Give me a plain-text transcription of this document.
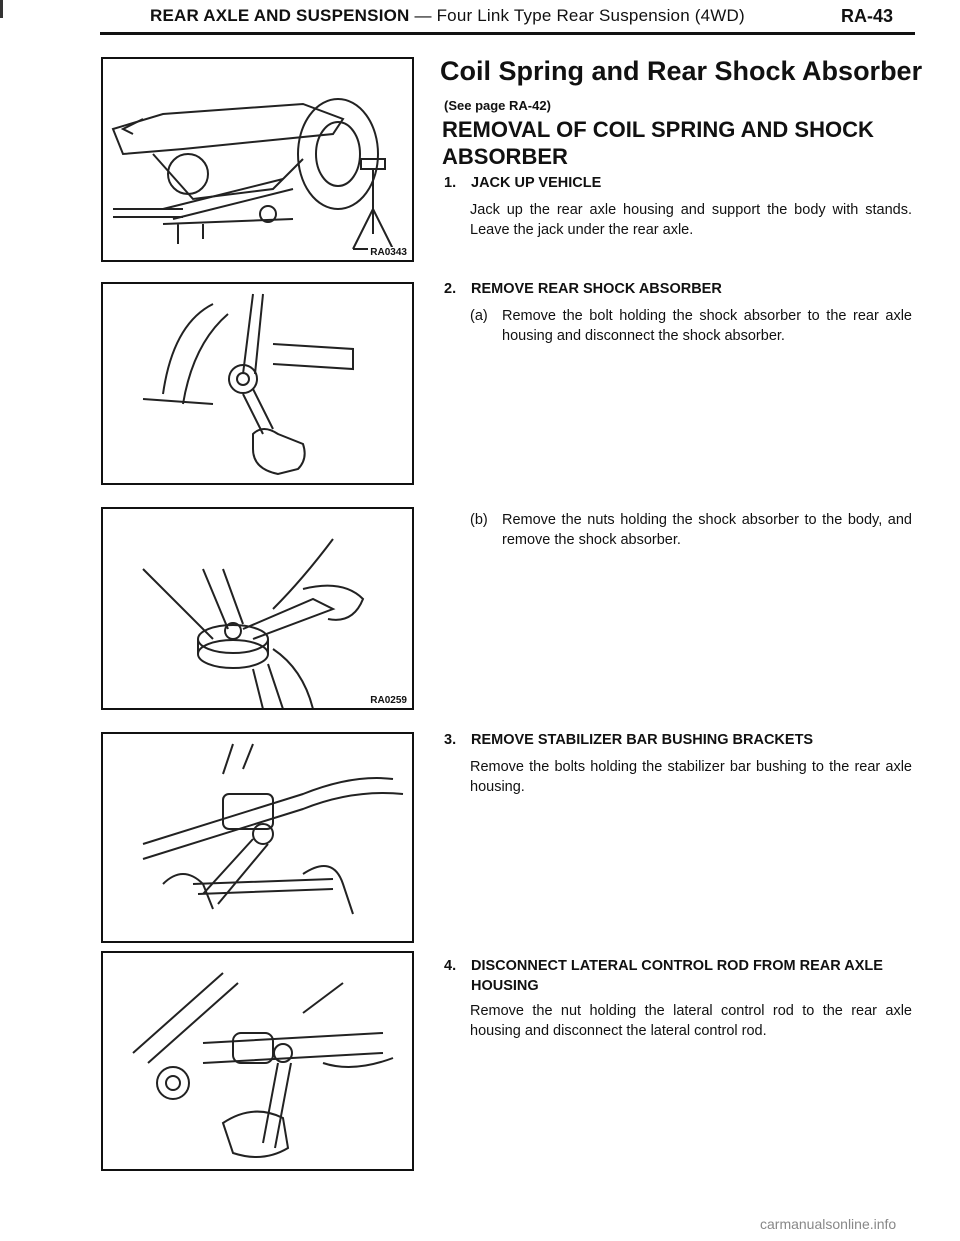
REAR AXLE AND SUSPENSION — Four Link Type Rear Suspension (4WD)	RA-43
RA0343
RA0259
Coil Spring and Rear Shock Absorber
(See page RA-42)
REMOVAL OF COIL SPRING AND SHOCK ABSORBER
1. JACK UP VEHICLE
Jack up the rear axle housing and support the body with stands. Leave the jack under the rear axle.
2. REMOVE REAR SHOCK ABSORBER
(a) Remove the bolt holding the shock absorber to the rear axle housing and disconnect the shock absorber.
(b) Remove the nuts holding the shock absorber to the body, and remove the shock absorber.
3. REMOVE STABILIZER BAR BUSHING BRACKETS
Remove the bolts holding the stabilizer bar bushing to the rear axle housing.
4.	DISCONNECT LATERAL CONTROL ROD FROM REAR AXLE HOUSING
Remove the nut holding the lateral control rod to the rear axle housing and disconnect the lateral control rod.
carmanualsonline.info
